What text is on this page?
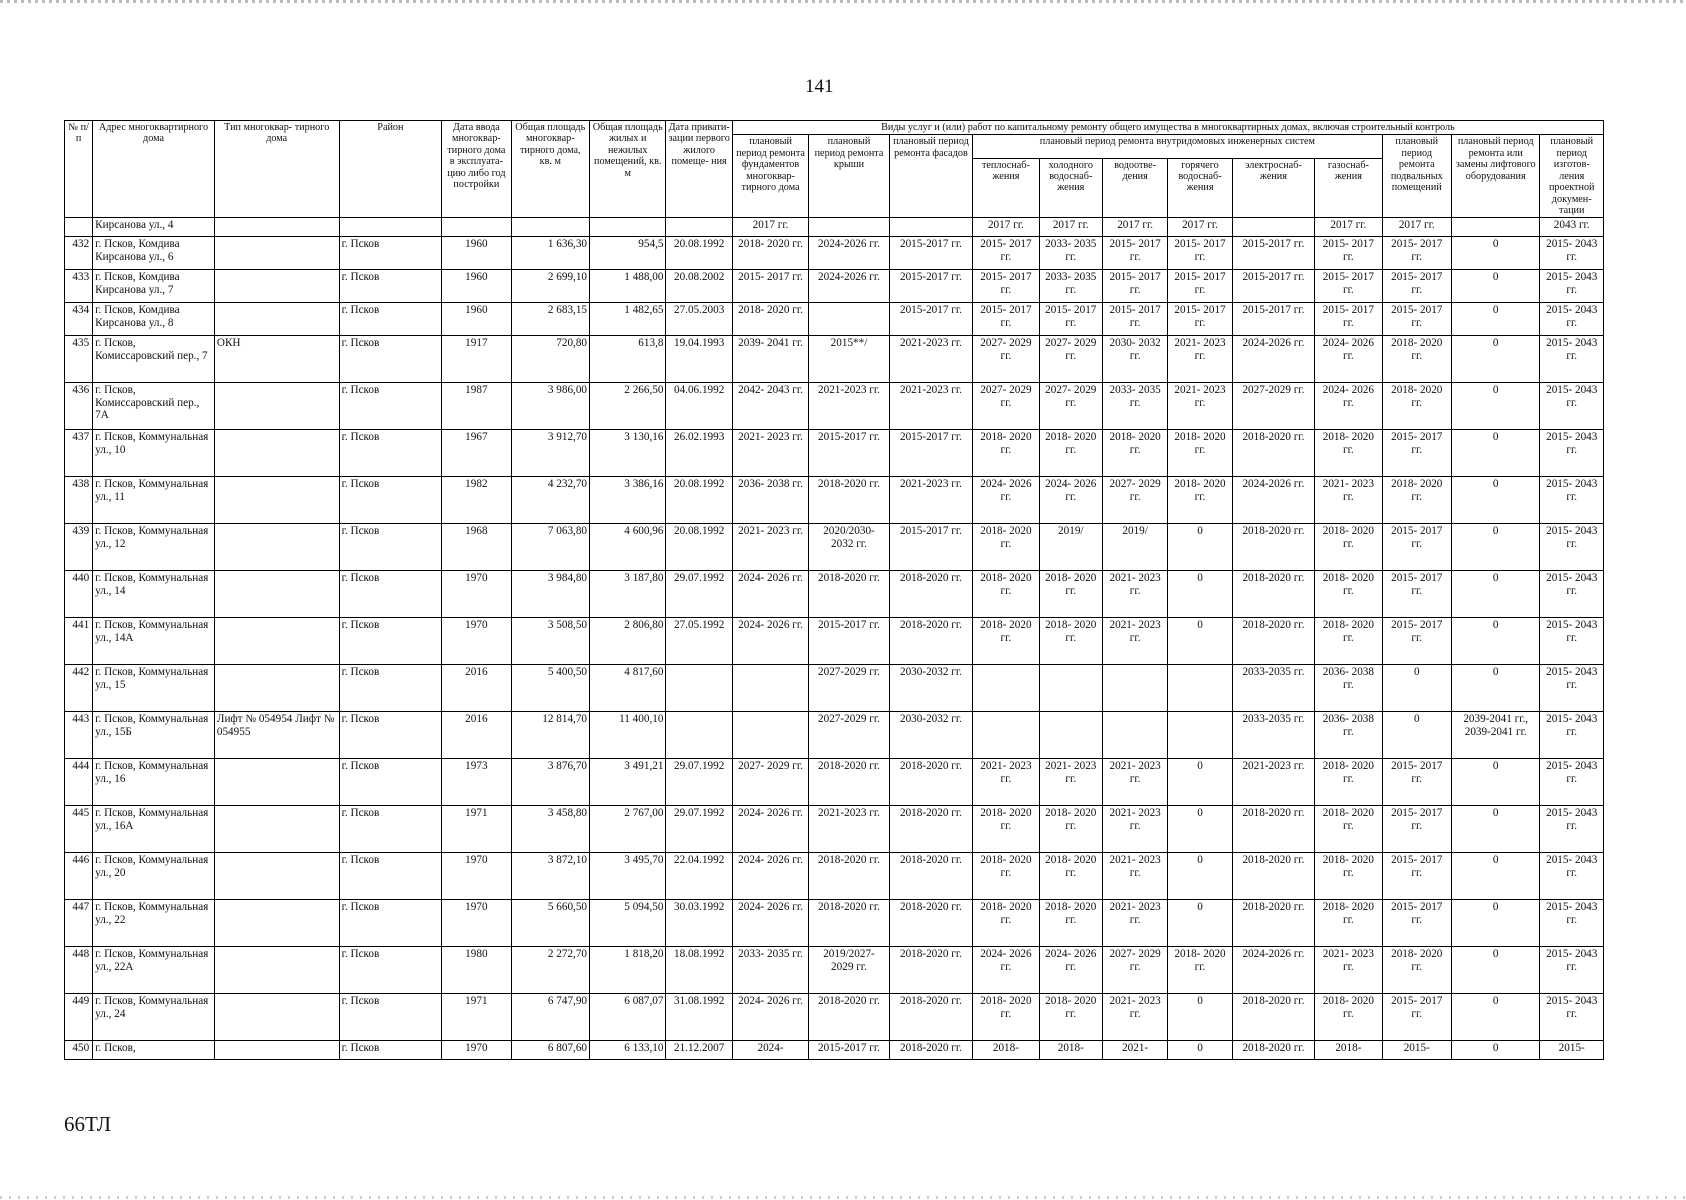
141
№ п/п	Адрес многоквартирного дома	Тип многоквар- тирного дома	Район	Дата ввода многоквар- тирного дома в эксплуата- цию либо год постройки	Общая площадь многоквар- тирного дома, кв. м	Общая площадь жилых и нежилых помещений, кв. м	Дата привати- зации первого жилого помеще- ния	Виды услуг и (или) работ по капитальному ремонту общего имущества в многоквартирных домах, включая строительный контроль											
								плановый период ремонта фундаментов многоквар- тирного дома	плановый период ремонта крыши	плановый период ремонта фасадов	плановый период ремонта внутридомовых инженерных систем						плановый период ремонта подвальных помещений	плановый период ремонта или замены лифтового оборудования	плановый период изготов- ления проектной докумен- тации
											теплоснаб- жения	холодного водоснаб- жения	водоотве- дения	горячего водоснаб- жения	электроснаб- жения	газоснаб- жения			
	Кирсанова ул., 4							2017 гг.			2017 гг.	2017 гг.	2017 гг.	2017 гг.		2017 гг.	2017 гг.		2043 гг.
432	г. Псков, Комдива Кирсанова ул., 6		г. Псков	1960	1 636,30	954,5	20.08.1992	2018- 2020 гг.	2024-2026 гг.	2015-2017 гг.	2015- 2017 гг.	2033- 2035 гг.	2015- 2017 гг.	2015- 2017 гг.	2015-2017 гг.	2015- 2017 гг.	2015- 2017 гг.	0	2015- 2043 гг.
433	г. Псков, Комдива Кирсанова ул., 7		г. Псков	1960	2 699,10	1 488,00	20.08.2002	2015- 2017 гг.	2024-2026 гг.	2015-2017 гг.	2015- 2017 гг.	2033- 2035 гг.	2015- 2017 гг.	2015- 2017 гг.	2015-2017 гг.	2015- 2017 гг.	2015- 2017 гг.	0	2015- 2043 гг.
434	г. Псков, Комдива Кирсанова ул., 8		г. Псков	1960	2 683,15	1 482,65	27.05.2003	2018- 2020 гг.		2015-2017 гг.	2015- 2017 гг.	2015- 2017 гг.	2015- 2017 гг.	2015- 2017 гг.	2015-2017 гг.	2015- 2017 гг.	2015- 2017 гг.	0	2015- 2043 гг.
435	г. Псков, Комиссаровский пер., 7	ОКН	г. Псков	1917	720,80	613,8	19.04.1993	2039- 2041 гг.	2015**/	2021-2023 гг.	2027- 2029 гг.	2027- 2029 гг.	2030- 2032 гг.	2021- 2023 гг.	2024-2026 гг.	2024- 2026 гг.	2018- 2020 гг.	0	2015- 2043 гг.
436	г. Псков, Комиссаровский пер., 7А		г. Псков	1987	3 986,00	2 266,50	04.06.1992	2042- 2043 гг.	2021-2023 гг.	2021-2023 гг.	2027- 2029 гг.	2027- 2029 гг.	2033- 2035 гг.	2021- 2023 гг.	2027-2029 гг.	2024- 2026 гг.	2018- 2020 гг.	0	2015- 2043 гг.
437	г. Псков, Коммунальная ул., 10		г. Псков	1967	3 912,70	3 130,16	26.02.1993	2021- 2023 гг.	2015-2017 гг.	2015-2017 гг.	2018- 2020 гг.	2018- 2020 гг.	2018- 2020 гг.	2018- 2020 гг.	2018-2020 гг.	2018- 2020 гг.	2015- 2017 гг.	0	2015- 2043 гг.
438	г. Псков, Коммунальная ул., 11		г. Псков	1982	4 232,70	3 386,16	20.08.1992	2036- 2038 гг.	2018-2020 гг.	2021-2023 гг.	2024- 2026 гг.	2024- 2026 гг.	2027- 2029 гг.	2018- 2020 гг.	2024-2026 гг.	2021- 2023 гг.	2018- 2020 гг.	0	2015- 2043 гг.
439	г. Псков, Коммунальная ул., 12		г. Псков	1968	7 063,80	4 600,96	20.08.1992	2021- 2023 гг.	2020/2030- 2032 гг.	2015-2017 гг.	2018- 2020 гг.	2019/	2019/	0	2018-2020 гг.	2018- 2020 гг.	2015- 2017 гг.	0	2015- 2043 гг.
440	г. Псков, Коммунальная ул., 14		г. Псков	1970	3 984,80	3 187,80	29.07.1992	2024- 2026 гг.	2018-2020 гг.	2018-2020 гг.	2018- 2020 гг.	2018- 2020 гг.	2021- 2023 гг.	0	2018-2020 гг.	2018- 2020 гг.	2015- 2017 гг.	0	2015- 2043 гг.
441	г. Псков, Коммунальная ул., 14А		г. Псков	1970	3 508,50	2 806,80	27.05.1992	2024- 2026 гг.	2015-2017 гг.	2018-2020 гг.	2018- 2020 гг.	2018- 2020 гг.	2021- 2023 гг.	0	2018-2020 гг.	2018- 2020 гг.	2015- 2017 гг.	0	2015- 2043 гг.
442	г. Псков, Коммунальная ул., 15		г. Псков	2016	5 400,50	4 817,60			2027-2029 гг.	2030-2032 гг.					2033-2035 гг.	2036- 2038 гг.	0	0	2015- 2043 гг.
443	г. Псков, Коммунальная ул., 15Б	Лифт № 054954 Лифт № 054955	г. Псков	2016	12 814,70	11 400,10			2027-2029 гг.	2030-2032 гг.					2033-2035 гг.	2036- 2038 гг.	0	2039-2041 гг., 2039-2041 гг.	2015- 2043 гг.
444	г. Псков, Коммунальная ул., 16		г. Псков	1973	3 876,70	3 491,21	29.07.1992	2027- 2029 гг.	2018-2020 гг.	2018-2020 гг.	2021- 2023 гг.	2021- 2023 гг.	2021- 2023 гг.	0	2021-2023 гг.	2018- 2020 гг.	2015- 2017 гг.	0	2015- 2043 гг.
445	г. Псков, Коммунальная ул., 16А		г. Псков	1971	3 458,80	2 767,00	29.07.1992	2024- 2026 гг.	2021-2023 гг.	2018-2020 гг.	2018- 2020 гг.	2018- 2020 гг.	2021- 2023 гг.	0	2018-2020 гг.	2018- 2020 гг.	2015- 2017 гг.	0	2015- 2043 гг.
446	г. Псков, Коммунальная ул., 20		г. Псков	1970	3 872,10	3 495,70	22.04.1992	2024- 2026 гг.	2018-2020 гг.	2018-2020 гг.	2018- 2020 гг.	2018- 2020 гг.	2021- 2023 гг.	0	2018-2020 гг.	2018- 2020 гг.	2015- 2017 гг.	0	2015- 2043 гг.
447	г. Псков, Коммунальная ул., 22		г. Псков	1970	5 660,50	5 094,50	30.03.1992	2024- 2026 гг.	2018-2020 гг.	2018-2020 гг.	2018- 2020 гг.	2018- 2020 гг.	2021- 2023 гг.	0	2018-2020 гг.	2018- 2020 гг.	2015- 2017 гг.	0	2015- 2043 гг.
448	г. Псков, Коммунальная ул., 22А		г. Псков	1980	2 272,70	1 818,20	18.08.1992	2033- 2035 гг.	2019/2027- 2029 гг.	2018-2020 гг.	2024- 2026 гг.	2024- 2026 гг.	2027- 2029 гг.	2018- 2020 гг.	2024-2026 гг.	2021- 2023 гг.	2018- 2020 гг.	0	2015- 2043 гг.
449	г. Псков, Коммунальная ул., 24		г. Псков	1971	6 747,90	6 087,07	31.08.1992	2024- 2026 гг.	2018-2020 гг.	2018-2020 гг.	2018- 2020 гг.	2018- 2020 гг.	2021- 2023 гг.	0	2018-2020 гг.	2018- 2020 гг.	2015- 2017 гг.	0	2015- 2043 гг.
450	г. Псков,		г. Псков	1970	6 807,60	6 133,10	21.12.2007	2024-	2015-2017 гг.	2018-2020 гг.	2018-	2018-	2021-	0	2018-2020 гг.	2018-	2015-	0	2015-
66ТЛ
